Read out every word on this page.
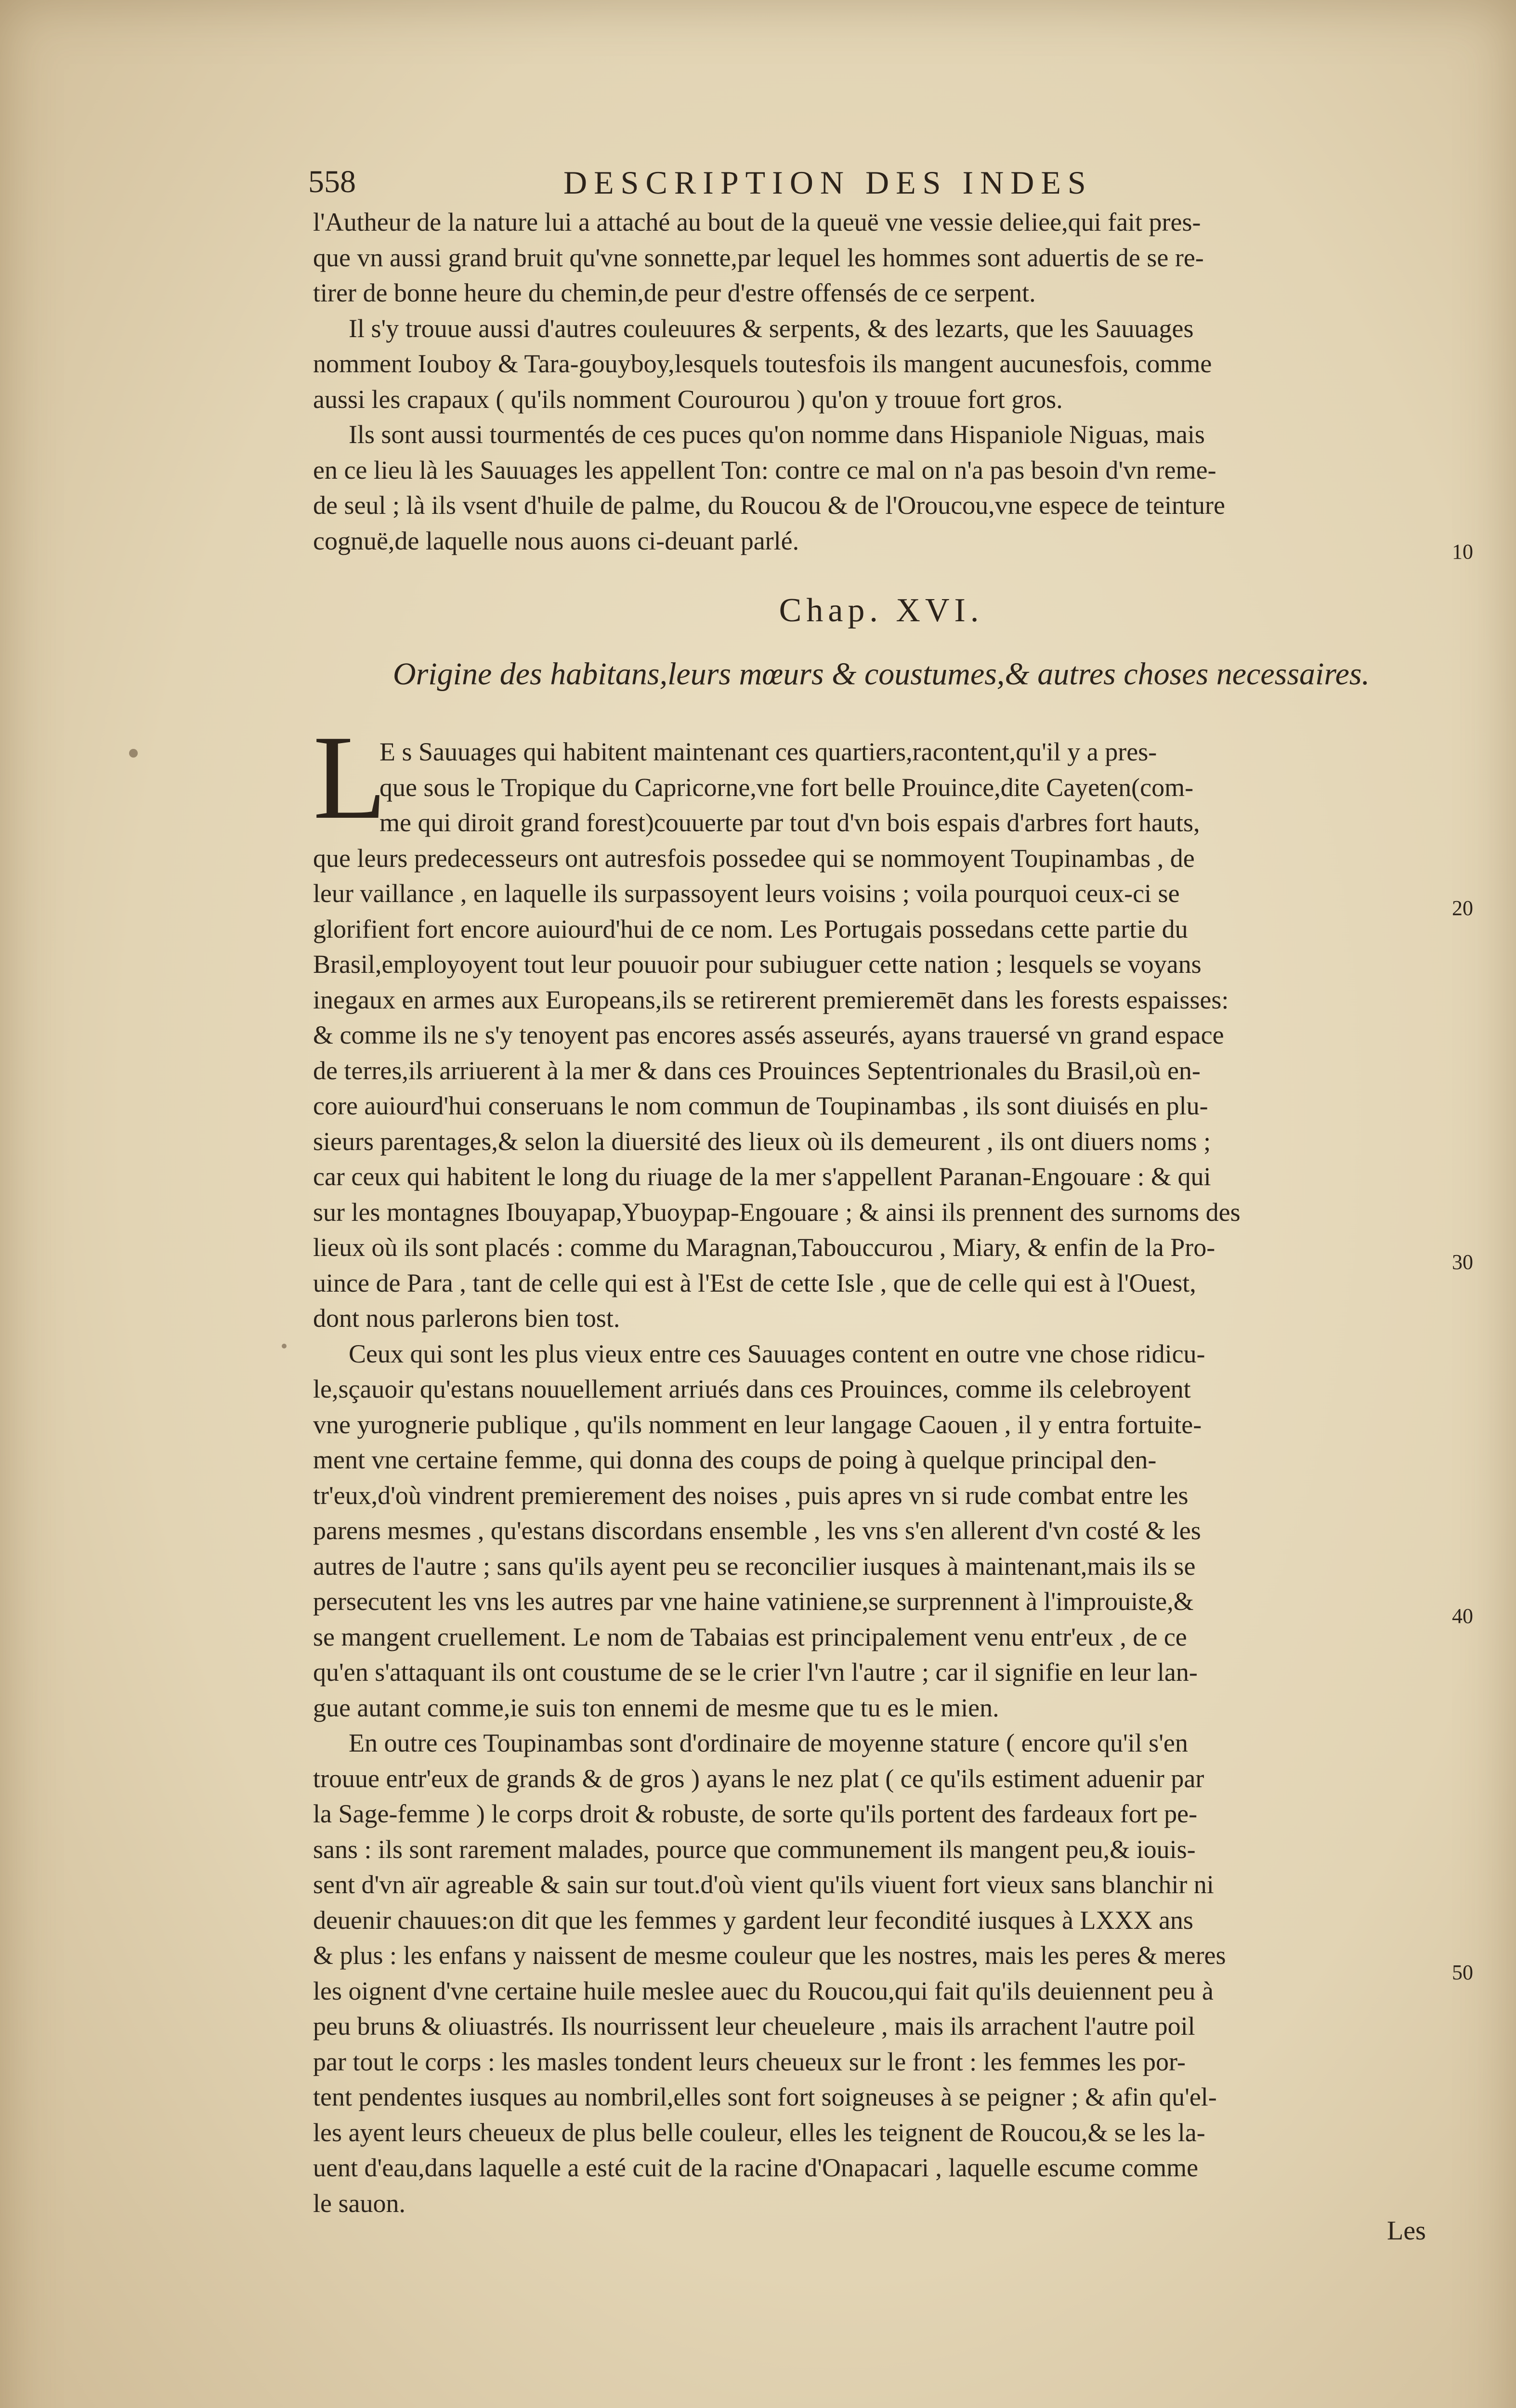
558	DESCRIPTION DES INDES
l'Autheur de la nature lui a attaché au bout de la queuë vne vessie deliee,qui fait pres-
que vn aussi grand bruit qu'vne sonnette,par lequel les hommes sont aduertis de se re-
tirer de bonne heure du chemin,de peur d'estre offensés de ce serpent.
Il s'y trouue aussi d'autres couleuures & serpents, & des lezarts, que les Sauuages
nomment Iouboy & Tara-gouyboy,lesquels toutesfois ils mangent aucunesfois, comme
aussi les crapaux ( qu'ils nomment Courourou ) qu'on y trouue fort gros.
Ils sont aussi tourmentés de ces puces qu'on nomme dans Hispaniole Niguas, mais
en ce lieu là les Sauuages les appellent Ton: contre ce mal on n'a pas besoin d'vn reme-
de seul ; là ils vsent d'huile de palme, du Roucou & de l'Oroucou,vne espece de teinture
cognuë,de laquelle nous auons ci-deuant parlé.
Chap. XVI.
Origine des habitans,leurs mœurs & coustumes,& autres choses necessaires.
L
E s Sauuages qui habitent maintenant ces quartiers,racontent,qu'il y a pres-
que sous le Tropique du Capricorne,vne fort belle Prouince,dite Cayeten(com-
me qui diroit grand forest)couuerte par tout d'vn bois espais d'arbres fort hauts,
que leurs predecesseurs ont autresfois possedee qui se nommoyent Toupinambas , de
leur vaillance , en laquelle ils surpassoyent leurs voisins ; voila pourquoi ceux-ci se
glorifient fort encore auiourd'hui de ce nom. Les Portugais possedans cette partie du
Brasil,employoyent tout leur pouuoir pour subiuguer cette nation ; lesquels se voyans
inegaux en armes aux Europeans,ils se retirerent premieremēt dans les forests espaisses:
& comme ils ne s'y tenoyent pas encores assés asseurés, ayans trauersé vn grand espace
de terres,ils arriuerent à la mer & dans ces Prouinces Septentrionales du Brasil,où en-
core auiourd'hui conseruans le nom commun de Toupinambas , ils sont diuisés en plu-
sieurs parentages,& selon la diuersité des lieux où ils demeurent , ils ont diuers noms ;
car ceux qui habitent le long du riuage de la mer s'appellent Paranan-Engouare : & qui
sur les montagnes Ibouyapap,Ybuoypap-Engouare ; & ainsi ils prennent des surnoms des
lieux où ils sont placés : comme du Maragnan,Tabouccurou , Miary, & enfin de la Pro-
uince de Para , tant de celle qui est à l'Est de cette Isle , que de celle qui est à l'Ouest,
dont nous parlerons bien tost.
Ceux qui sont les plus vieux entre ces Sauuages content en outre vne chose ridicu-
le,sçauoir qu'estans nouuellement arriués dans ces Prouinces, comme ils celebroyent
vne yurognerie publique , qu'ils nomment en leur langage Caouen , il y entra fortuite-
ment vne certaine femme, qui donna des coups de poing à quelque principal den-
tr'eux,d'où vindrent premierement des noises , puis apres vn si rude combat entre les
parens mesmes , qu'estans discordans ensemble , les vns s'en allerent d'vn costé & les
autres de l'autre ; sans qu'ils ayent peu se reconcilier iusques à maintenant,mais ils se
persecutent les vns les autres par vne haine vatiniene,se surprennent à l'improuiste,&
se mangent cruellement. Le nom de Tabaias est principalement venu entr'eux , de ce
qu'en s'attaquant ils ont coustume de se le crier l'vn l'autre ; car il signifie en leur lan-
gue autant comme,ie suis ton ennemi de mesme que tu es le mien.
En outre ces Toupinambas sont d'ordinaire de moyenne stature ( encore qu'il s'en
trouue entr'eux de grands & de gros ) ayans le nez plat ( ce qu'ils estiment aduenir par
la Sage-femme ) le corps droit & robuste, de sorte qu'ils portent des fardeaux fort pe-
sans : ils sont rarement malades, pource que communement ils mangent peu,& iouis-
sent d'vn aïr agreable & sain sur tout.d'où vient qu'ils viuent fort vieux sans blanchir ni
deuenir chauues:on dit que les femmes y gardent leur fecondité iusques à LXXX ans
& plus : les enfans y naissent de mesme couleur que les nostres, mais les peres & meres
les oignent d'vne certaine huile meslee auec du Roucou,qui fait qu'ils deuiennent peu à
peu bruns & oliuastrés. Ils nourrissent leur cheueleure , mais ils arrachent l'autre poil
par tout le corps : les masles tondent leurs cheueux sur le front : les femmes les por-
tent pendentes iusques au nombril,elles sont fort soigneuses à se peigner ; & afin qu'el-
les ayent leurs cheueux de plus belle couleur, elles les teignent de Roucou,& se les la-
uent d'eau,dans laquelle a esté cuit de la racine d'Onapacari , laquelle escume comme
le sauon.
10
20
30
40
50
Les
